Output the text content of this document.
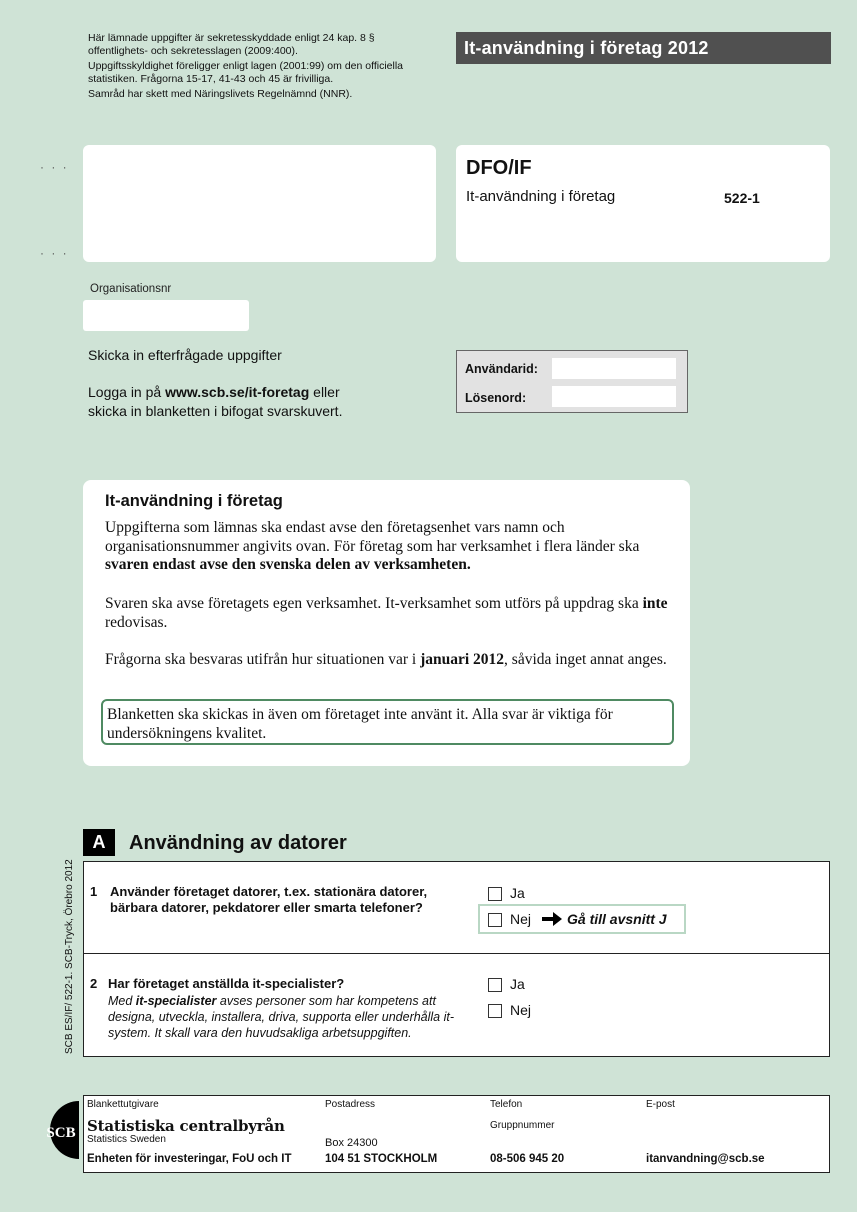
Här lämnade uppgifter är sekretesskyddade enligt 24 kap. 8 § offentlighets- och sekretesslagen (2009:400).

Uppgiftsskyldighet föreligger enligt lagen (2001:99) om den officiella statistiken. Frågorna 15-17, 41-43 och 45 är frivilliga.

Samråd har skett med Näringslivets Regelnämnd (NNR).

It-användning i företag 2012
· · ·
· · ·
DFO/IF
It-användning i företag	522-1
Organisationsnr
Skicka in efterfrågade uppgifter
Logga in på www.scb.se/it-foretag eller
skicka in blanketten i bifogat svarskuvert.
Användarid:
Lösenord:
It-användning i företag
Uppgifterna som lämnas ska endast avse den företagsenhet vars namn och organisationsnummer angivits ovan. För företag som har verksamhet i flera länder ska svaren endast avse den svenska delen av verksamheten.
Svaren ska avse företagets egen verksamhet. It-verksamhet som utförs på uppdrag ska inte redovisas.
Frågorna ska besvaras utifrån hur situationen var i januari 2012, såvida inget annat anges.
Blanketten ska skickas in även om företaget inte använt it. Alla svar är viktiga för undersökningens kvalitet.
A	Användning av datorer
1 Använder företaget datorer, t.ex. stationära datorer,
bärbara datorer, pekdatorer eller smarta telefoner?
Ja
Nej	Gå till avsnitt J
2 Har företaget anställda it-specialister?
Med it-specialister avses personer som har kompetens att designa, utveckla, installera, driva, supporta eller underhålla it-system. It skall vara den huvudsakliga arbetsuppgiften.
Ja
Nej
SCB ES/IF/ 522-1. SCB-Tryck, Örebro 2012
SCB
Blankettutgivare
Statistiska centralbyrån
Statistics Sweden
Enheten för investeringar, FoU och IT
Postadress
Box 24300
104 51 STOCKHOLM
Telefon
Gruppnummer
08-506 945 20
E-post
itanvandning@scb.se
